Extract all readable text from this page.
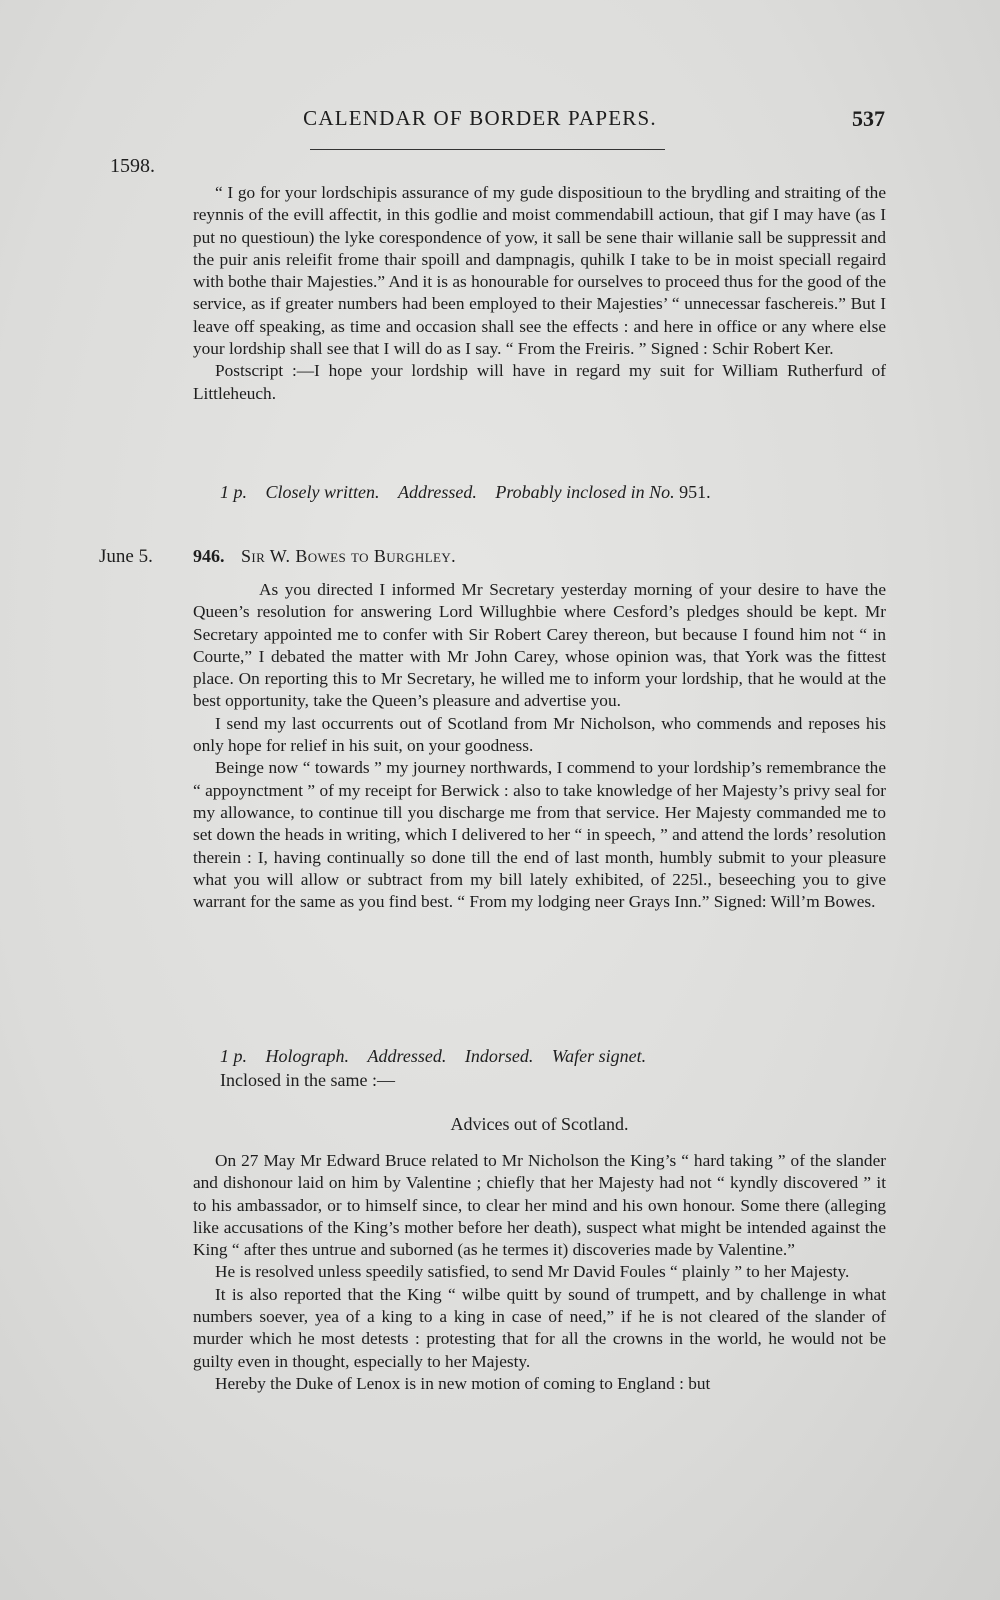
CALENDAR OF BORDER PAPERS.	537
1598.

“ I go for your lordschipis assurance of my gude dispositioun to the brydling and straiting of the reynnis of the evill affectit, in this godlie and moist commendabill actioun, that gif I may have (as I put no questioun) the lyke corespondence of yow, it sall be sene thair willanie sall be suppressit and the puir anis releifit frome thair spoill and dampnagis, quhilk I take to be in moist speciall regaird with bothe thair Majesties.” And it is as honourable for ourselves to proceed thus for the good of the service, as if greater numbers had been employed to their Majesties’ “ unnecessar faschereis.” But I leave off speaking, as time and occasion shall see the effects : and here in office or any where else your lordship shall see that I will do as I say. “ From the Freiris. ” Signed : Schir Robert Ker.

Postscript :—I hope your lordship will have in regard my suit for William Rutherfurd of Littleheuch.

1 p. Closely written. Addressed. Probably inclosed in No. 951.
June 5. 946. Sir W. Bowes to Burghley.

As you directed I informed Mr Secretary yesterday morning of your desire to have the Queen’s resolution for answering Lord Willughbie where Cesford’s pledges should be kept. Mr Secretary appointed me to confer with Sir Robert Carey thereon, but because I found him not “ in Courte,” I debated the matter with Mr John Carey, whose opinion was, that York was the fittest place. On reporting this to Mr Secretary, he willed me to inform your lordship, that he would at the best opportunity, take the Queen’s pleasure and advertise you.

I send my last occurrents out of Scotland from Mr Nicholson, who commends and reposes his only hope for relief in his suit, on your goodness.

Beinge now “ towards ” my journey northwards, I commend to your lordship’s remembrance the “ appoynctment ” of my receipt for Berwick : also to take knowledge of her Majesty’s privy seal for my allowance, to continue till you discharge me from that service. Her Majesty commanded me to set down the heads in writing, which I delivered to her “ in speech, ” and attend the lords’ resolution therein : I, having continually so done till the end of last month, humbly submit to your pleasure what you will allow or subtract from my bill lately exhibited, of 225l., beseeching you to give warrant for the same as you find best. “ From my lodging neer Grays Inn.” Signed: Will’m Bowes.

1 p. Holograph. Addressed. Indorsed. Wafer signet.
Inclosed in the same :—
Advices out of Scotland.

On 27 May Mr Edward Bruce related to Mr Nicholson the King’s “ hard taking ” of the slander and dishonour laid on him by Valentine ; chiefly that her Majesty had not “ kyndly discovered ” it to his ambassador, or to himself since, to clear her mind and his own honour. Some there (alleging like accusations of the King’s mother before her death), suspect what might be intended against the King “ after thes untrue and suborned (as he termes it) discoveries made by Valentine.”

He is resolved unless speedily satisfied, to send Mr David Foules “ plainly ” to her Majesty.

It is also reported that the King “ wilbe quitt by sound of trumpett, and by challenge in what numbers soever, yea of a king to a king in case of need,” if he is not cleared of the slander of murder which he most detests : protesting that for all the crowns in the world, he would not be guilty even in thought, especially to her Majesty.

Hereby the Duke of Lenox is in new motion of coming to England : but
